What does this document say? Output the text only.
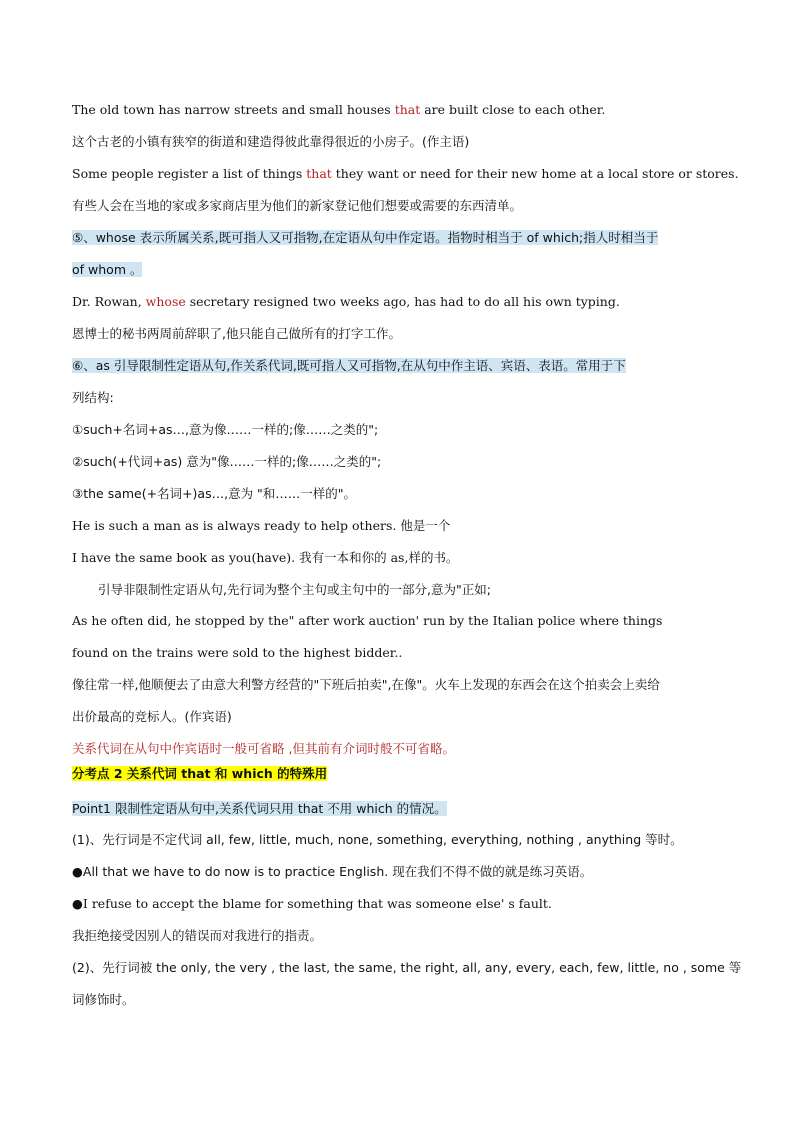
The old town has narrow streets and small houses that are built close to each other.
这个古老的小镇有狭窄的街道和建造得彼此靠得很近的小房子。(作主语)
Some people register a list of things that they want or need for their new home at a local store or stores.
有些人会在当地的家或多家商店里为他们的新家登记他们想要或需要的东西清单。
⑤、whose 表示所属关系,既可指人又可指物,在定语从句中作定语。指物时相当于 of which;指人时相当于
of whom 。
Dr. Rowan, whose secretary resigned two weeks ago, has had to do all his own typing.
恩博士的秘书两周前辞职了,他只能自己做所有的打字工作。
⑥、as 引导限制性定语从句,作关系代词,既可指人又可指物,在从句中作主语、宾语、表语。常用于下
列结构:
①such+名词+as…,意为像……一样的;像……之类的";
②such(+代词+as) 意为"像……一样的;像……之类的";
③the same(+名词+)as…,意为 "和……一样的"。
He is such a man as is always ready to help others. 他是一个
I have the same book as you(have). 我有一本和你的 as,样的书。
引导非限制性定语从句,先行词为整个主句或主句中的一部分,意为"正如;
As he often did, he stopped by the" after work auction' run by the Italian police where things
found on the trains were sold to the highest bidder..
像往常一样,他顺便去了由意大利警方经营的"下班后拍卖",在像"。火车上发现的东西会在这个拍卖会上卖给
出价最高的竞标人。(作宾语)
关系代词在从句中作宾语时一般可省略 ,但其前有介词时般不可省略。
分考点 2 关系代词 that 和 which 的特殊用
Point1 限制性定语从句中,关系代词只用 that 不用 which 的情况。
(1)、先行词是不定代词 all, few, little, much, none, something, everything, nothing , anything 等时。
●All that we have to do now is to practice English. 现在我们不得不做的就是练习英语。
●I refuse to accept the blame for something that was someone else' s fault.
我拒绝接受因别人的错误而对我进行的指责。
(2)、先行词被 the only, the very , the last, the same, the right, all, any, every, each, few, little, no , some 等
词修饰时。
